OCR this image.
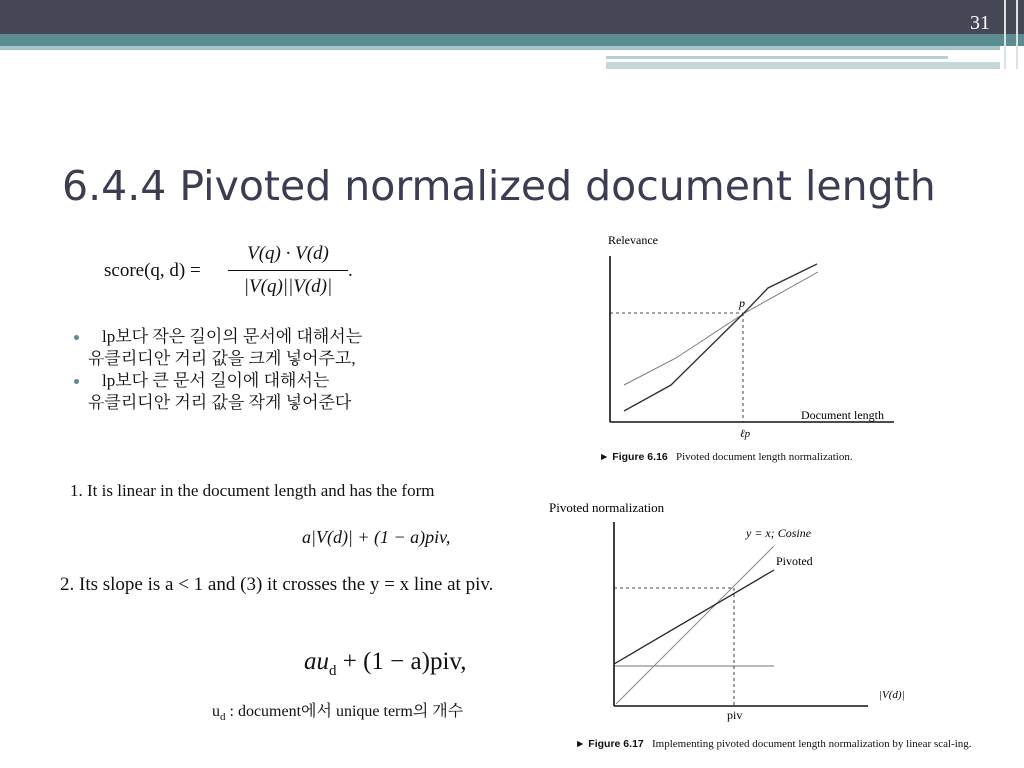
31
6.4.4 Pivoted normalized document length
score(q, d) =
V(q) · V(d)
|V(q)||V(d)|
.
lp보다 작은 길이의 문서에 대해서는
유클리디안 거리 값을 크게 넣어주고,
lp보다 큰 문서 길이에 대해서는
유클리디안 거리 값을 작게 넣어준다
1. It is linear in the document length and has the form
a|V(d)| + (1 − a)piv,
2. Its slope is a < 1 and (3) it crosses the y = x line at piv.
$au_d + (1 - a)piv$,
$u_d$ : document에서 unique term의 개수
Relevance
p
Document length
ℓp
► Figure 6.16 Pivoted document length normalization.
Pivoted normalization
y = x; Cosine
Pivoted
|V(d)|
piv
► Figure 6.17 Implementing pivoted document length normalization by linear scal-ing.
